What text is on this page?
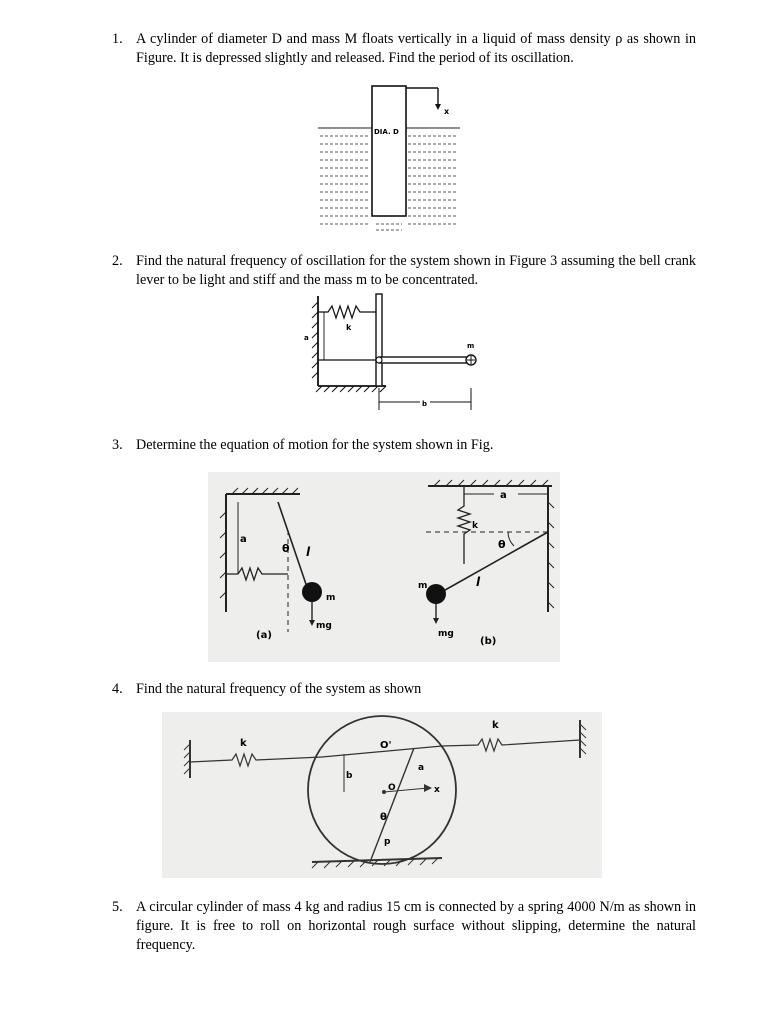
1. A cylinder of diameter D and mass M floats vertically in a liquid of mass density ρ as shown in Figure. It is depressed slightly and released. Find the period of its oscillation.
x
DIA. D
2. Find the natural frequency of oscillation for the system shown in Figure 3 assuming the bell crank lever to be light and stiff and the mass m to be concentrated.
k
m
a
b
3. Determine the equation of motion for the system shown in Fig.
a
θ l
m
mg
(a)
a
k
θ
l
m
mg
(b)
4. Find the natural frequency of the system as shown
k
k
O'
a
b
O	x
θ
p
5. A circular cylinder of mass 4 kg and radius 15 cm is connected by a spring 4000 N/m as shown in figure. It is free to roll on horizontal rough surface without slipping, determine the natural frequency.
